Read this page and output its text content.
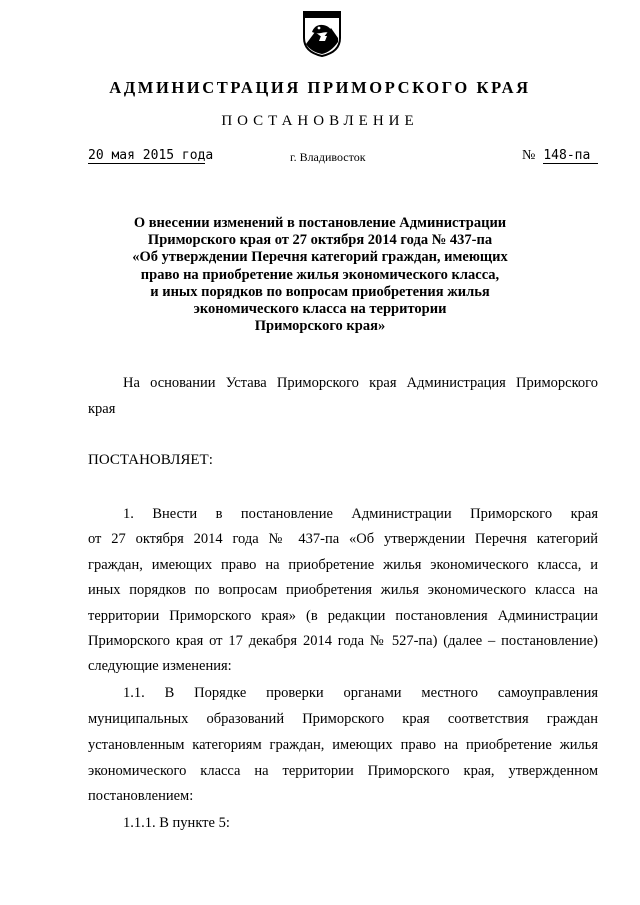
АДМИНИСТРАЦИЯ ПРИМОРСКОГО КРАЯ
ПОСТАНОВЛЕНИЕ
20 мая 2015 года	г. Владивосток	№ 148-па
О внесении изменений в постановление Администрации
Приморского края от 27 октября 2014 года № 437-па
«Об утверждении Перечня категорий граждан, имеющих
право на приобретение жилья экономического класса,
и иных порядков по вопросам приобретения жилья
экономического класса на территории
Приморского края»
На основании Устава Приморского края Администрация Приморского
края
ПОСТАНОВЛЯЕТ:
1. Внести в постановление Администрации Приморского края
от 27 октября 2014 года № 437-па «Об утверждении Перечня категорий
граждан, имеющих право на приобретение жилья экономического класса, и
иных порядков по вопросам приобретения жилья экономического класса на
территории Приморского края» (в редакции постановления Администрации
Приморского края от 17 декабря 2014 года № 527-па) (далее – постановление)
следующие изменения:
1.1. В Порядке проверки органами местного самоуправления
муниципальных образований Приморского края соответствия граждан
установленным категориям граждан, имеющих право на приобретение жилья
экономического класса на территории Приморского края, утвержденном
постановлением:
1.1.1. В пункте 5:
